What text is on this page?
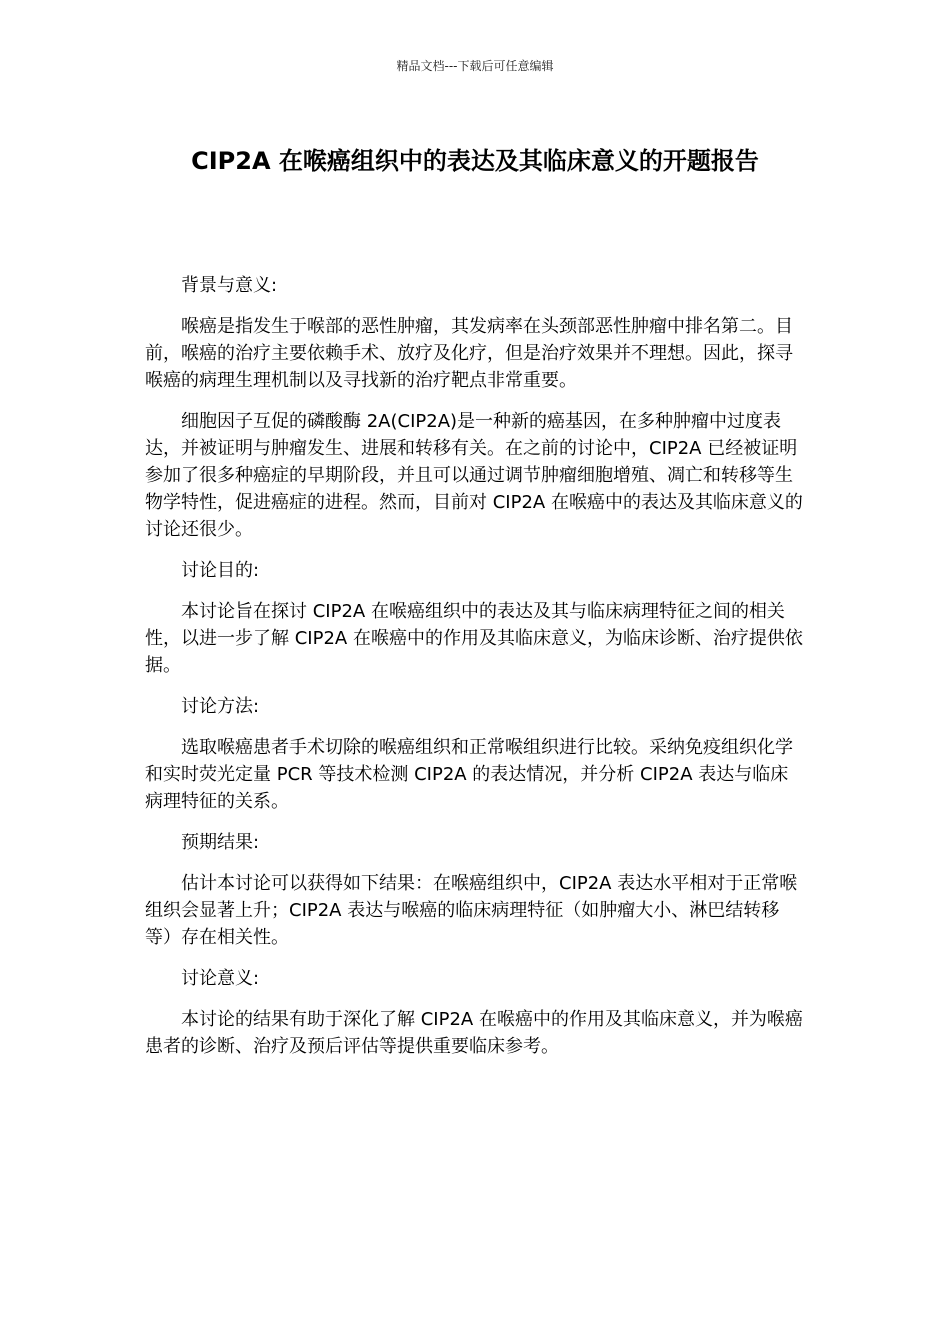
精品文档---下载后可任意编辑
CIP2A 在喉癌组织中的表达及其临床意义的开题报告

背景与意义:

喉癌是指发生于喉部的恶性肿瘤，其发病率在头颈部恶性肿瘤中排名第二。目前，喉癌的治疗主要依赖手术、放疗及化疗，但是治疗效果并不理想。因此，探寻喉癌的病理生理机制以及寻找新的治疗靶点非常重要。

细胞因子互促的磷酸酶 2A(CIP2A)是一种新的癌基因，在多种肿瘤中过度表达，并被证明与肿瘤发生、进展和转移有关。在之前的讨论中，CIP2A 已经被证明参加了很多种癌症的早期阶段，并且可以通过调节肿瘤细胞增殖、凋亡和转移等生物学特性，促进癌症的进程。然而，目前对 CIP2A 在喉癌中的表达及其临床意义的讨论还很少。

讨论目的:

本讨论旨在探讨 CIP2A 在喉癌组织中的表达及其与临床病理特征之间的相关性，以进一步了解 CIP2A 在喉癌中的作用及其临床意义，为临床诊断、治疗提供依据。

讨论方法:

选取喉癌患者手术切除的喉癌组织和正常喉组织进行比较。采纳免疫组织化学和实时荧光定量 PCR 等技术检测 CIP2A 的表达情况，并分析 CIP2A 表达与临床病理特征的关系。

预期结果:

估计本讨论可以获得如下结果：在喉癌组织中，CIP2A 表达水平相对于正常喉组织会显著上升；CIP2A 表达与喉癌的临床病理特征（如肿瘤大小、淋巴结转移等）存在相关性。

讨论意义:

本讨论的结果有助于深化了解 CIP2A 在喉癌中的作用及其临床意义，并为喉癌患者的诊断、治疗及预后评估等提供重要临床参考。
